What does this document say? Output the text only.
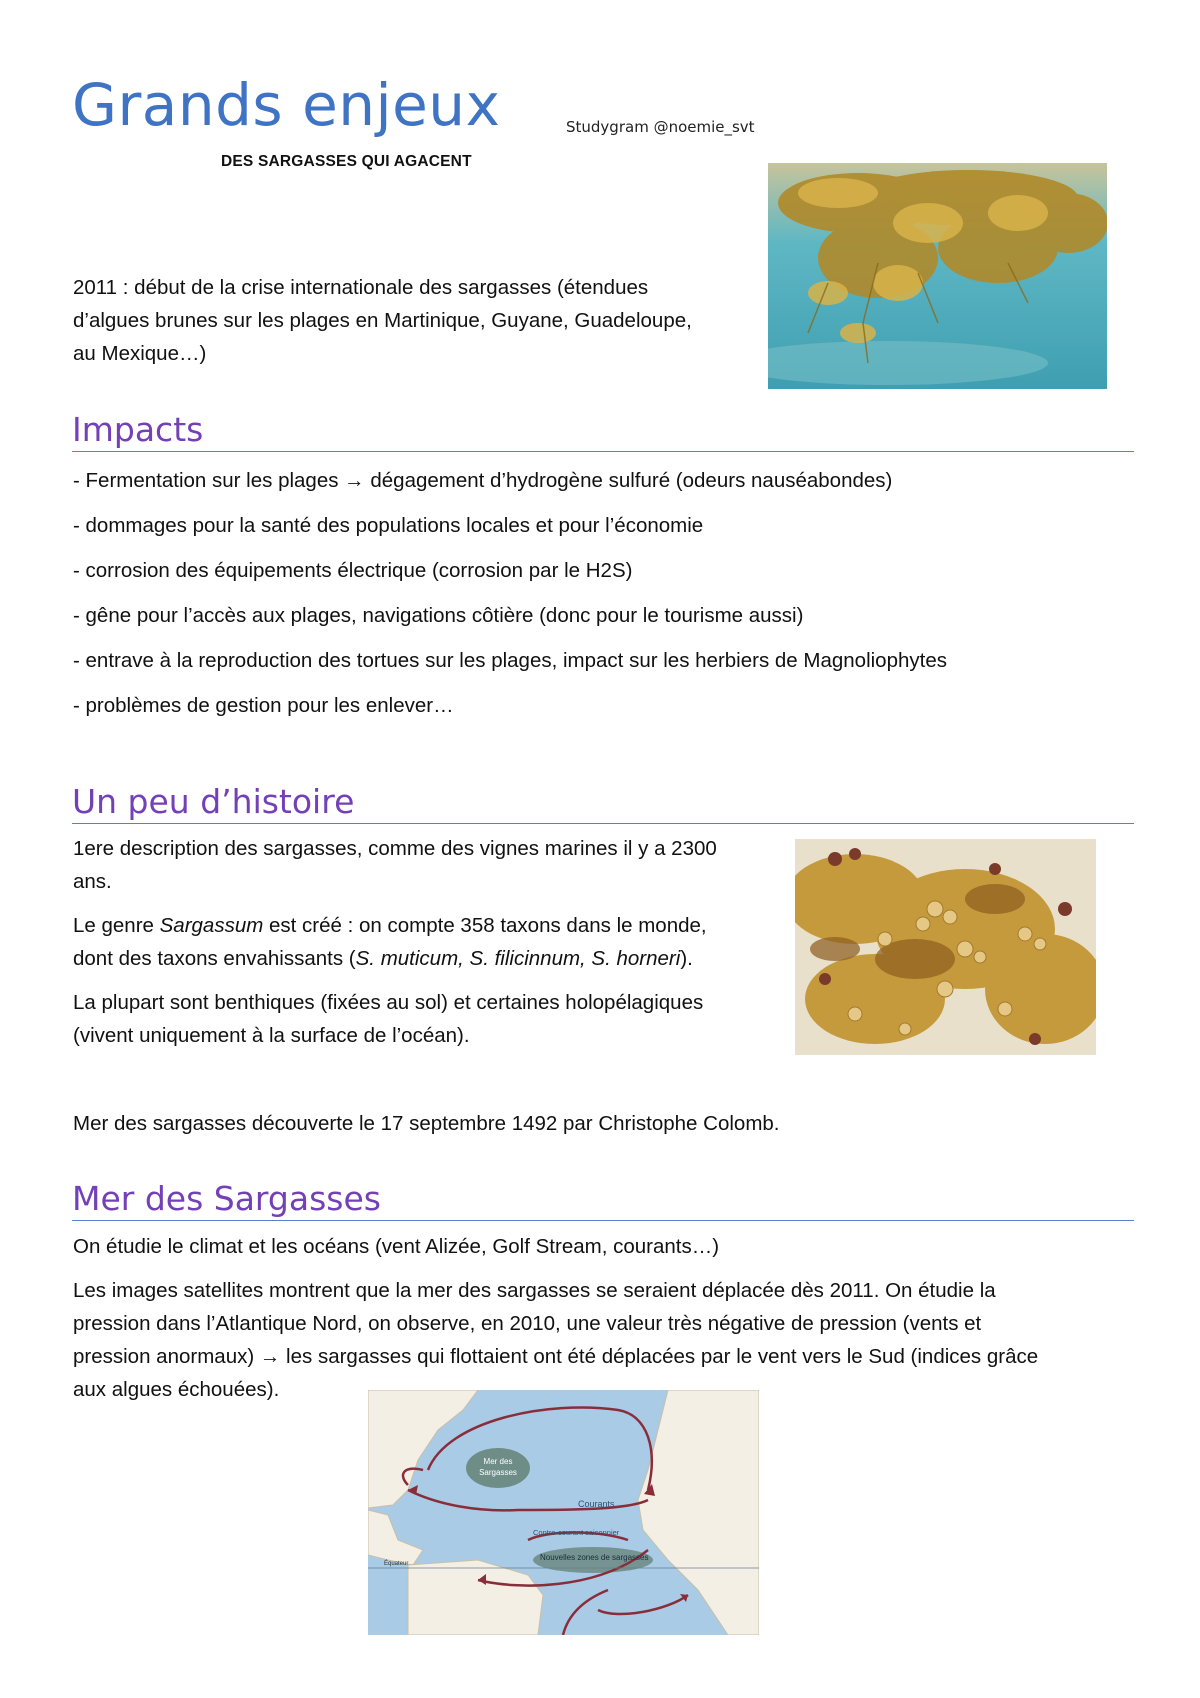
Grands enjeux	Studygram @noemie_svt
DES SARGASSES QUI AGACENT
2011 : début de la crise internationale des sargasses (étendues
d’algues brunes sur les plages en Martinique, Guyane, Guadeloupe,
au Mexique…)
Impacts
- Fermentation sur les plages → dégagement d’hydrogène sulfuré (odeurs nauséabondes)
- dommages pour la santé des populations locales et pour l’économie
- corrosion des équipements électrique (corrosion par le H2S)
- gêne pour l’accès aux plages, navigations côtière (donc pour le tourisme aussi)
- entrave à la reproduction des tortues sur les plages, impact sur les herbiers de Magnoliophytes
- problèmes de gestion pour les enlever…
Un peu d’histoire
1ere description des sargasses, comme des vignes marines il y a 2300
ans.
Le genre Sargassum est créé : on compte 358 taxons dans le monde,
dont des taxons envahissants (S. muticum, S. filicinnum, S. horneri).
La plupart sont benthiques (fixées au sol) et certaines holopélagiques
(vivent uniquement à la surface de l’océan).
Mer des sargasses découverte le 17 septembre 1492 par Christophe Colomb.
Mer des Sargasses
On étudie le climat et les océans (vent Alizée, Golf Stream, courants…)
Les images satellites montrent que la mer des sargasses se seraient déplacée dès 2011. On étudie la
pression dans l’Atlantique Nord, on observe, en 2010, une valeur très négative de pression (vents et
pression anormaux) → les sargasses qui flottaient ont été déplacées par le vent vers le Sud (indices grâce
aux algues échouées).
Mer des
Sargasses
Courants
Contre-courant saisonnier
Nouvelles zones de sargasses
Équateur
